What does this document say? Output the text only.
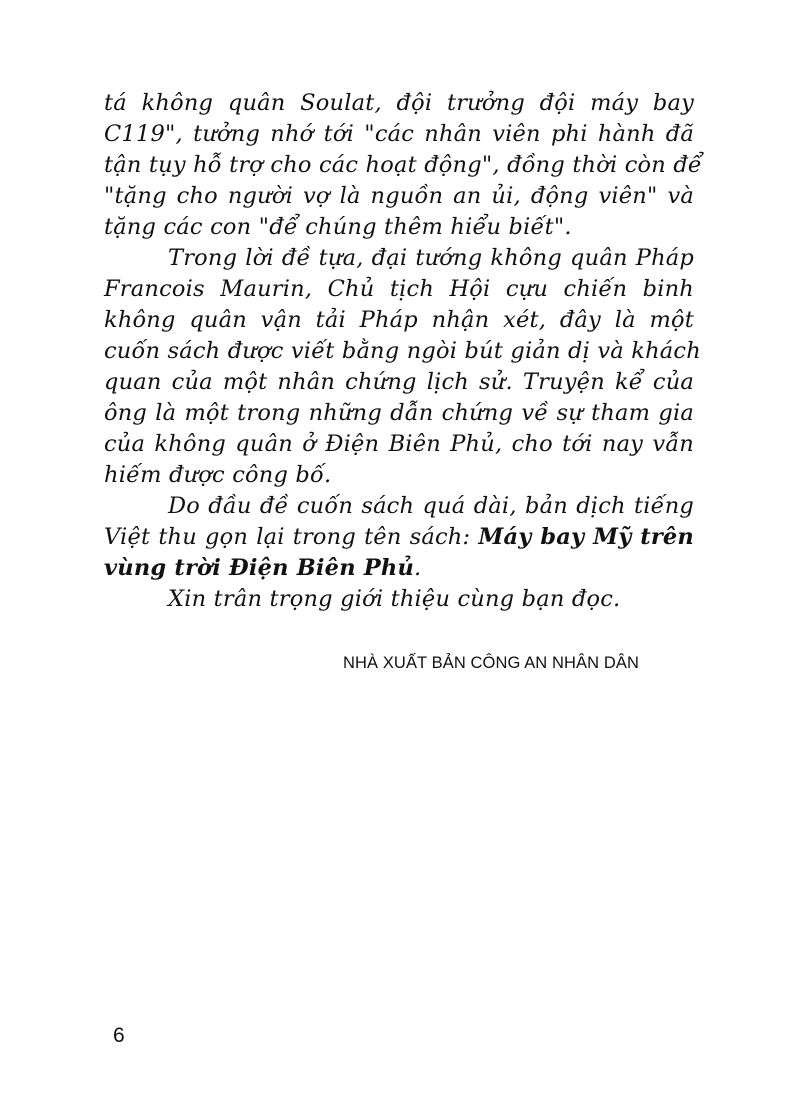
tá không quân Soulat, đội trưởng đội máy bay
C119", tưởng nhớ tới "các nhân viên phi hành đã
tận tụy hỗ trợ cho các hoạt động", đồng thời còn để
"tặng cho người vợ là nguồn an ủi, động viên" và
tặng các con "để chúng thêm hiểu biết".
Trong lời đề tựa, đại tướng không quân Pháp
Francois Maurin, Chủ tịch Hội cựu chiến binh
không quân vận tải Pháp nhận xét, đây là một
cuốn sách được viết bằng ngòi bút giản dị và khách
quan của một nhân chứng lịch sử. Truyện kể của
ông là một trong những dẫn chứng về sự tham gia
của không quân ở Điện Biên Phủ, cho tới nay vẫn
hiếm được công bố.
Do đầu đề cuốn sách quá dài, bản dịch tiếng
Việt thu gọn lại trong tên sách: Máy bay Mỹ trên
vùng trời Điện Biên Phủ.
Xin trân trọng giới thiệu cùng bạn đọc.
NHÀ XUẤT BẢN CÔNG AN NHÂN DÂN
6
